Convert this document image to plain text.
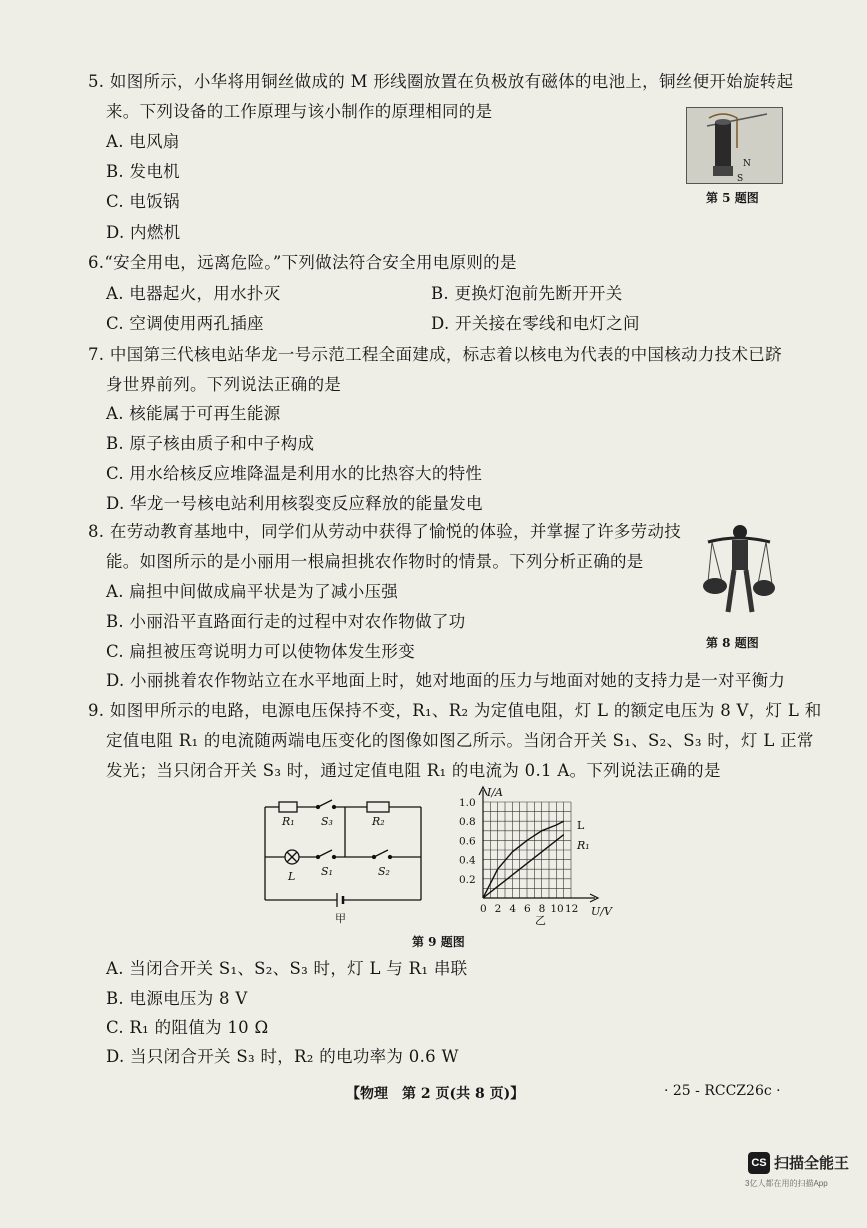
5. 如图所示，小华将用铜丝做成的 M 形线圈放置在负极放有磁体的电池上，铜丝便开始旋转起
来。下列设备的工作原理与该小制作的原理相同的是
A. 电风扇
B. 发电机
C. 电饭锅
D. 内燃机
N
S
第 5 题图
6.“安全用电，远离危险。”下列做法符合安全用电原则的是
A. 电器起火，用水扑灭	B. 更换灯泡前先断开开关
C. 空调使用两孔插座	D. 开关接在零线和电灯之间
7. 中国第三代核电站华龙一号示范工程全面建成，标志着以核电为代表的中国核动力技术已跻
身世界前列。下列说法正确的是
A. 核能属于可再生能源
B. 原子核由质子和中子构成
C. 用水给核反应堆降温是利用水的比热容大的特性
D. 华龙一号核电站利用核裂变反应释放的能量发电
8. 在劳动教育基地中，同学们从劳动中获得了愉悦的体验，并掌握了许多劳动技
能。如图所示的是小丽用一根扁担挑农作物时的情景。下列分析正确的是
A. 扁担中间做成扁平状是为了减小压强
B. 小丽沿平直路面行走的过程中对农作物做了功
C. 扁担被压弯说明力可以使物体发生形变
D. 小丽挑着农作物站立在水平地面上时，她对地面的压力与地面对她的支持力是一对平衡力
第 8 题图
9. 如图甲所示的电路，电源电压保持不变，R₁、R₂ 为定值电阻，灯 L 的额定电压为 8 V，灯 L 和
定值电阻 R₁ 的电流随两端电压变化的图像如图乙所示。当闭合开关 S₁、S₂、S₃ 时，灯 L 正常
发光；当只闭合开关 S₃ 时，通过定值电阻 R₁ 的电流为 0.1 A。下列说法正确的是
R₁ S₃	R₂
L S₁	S₂
甲
1.0
0.8
0.6
0.4
0.2
0 2 4 6 8 10 12
I/A
U/V
乙
L
R₁
第 9 题图
A. 当闭合开关 S₁、S₂、S₃ 时，灯 L 与 R₁ 串联
B. 电源电压为 8 V
C. R₁ 的阻值为 10 Ω
D. 当只闭合开关 S₃ 时，R₂ 的电功率为 0.6 W
【物理　第 2 页(共 8 页)】	· 25 - RCCZ26c ·
CS 扫描全能王
3亿人都在用的扫描App
